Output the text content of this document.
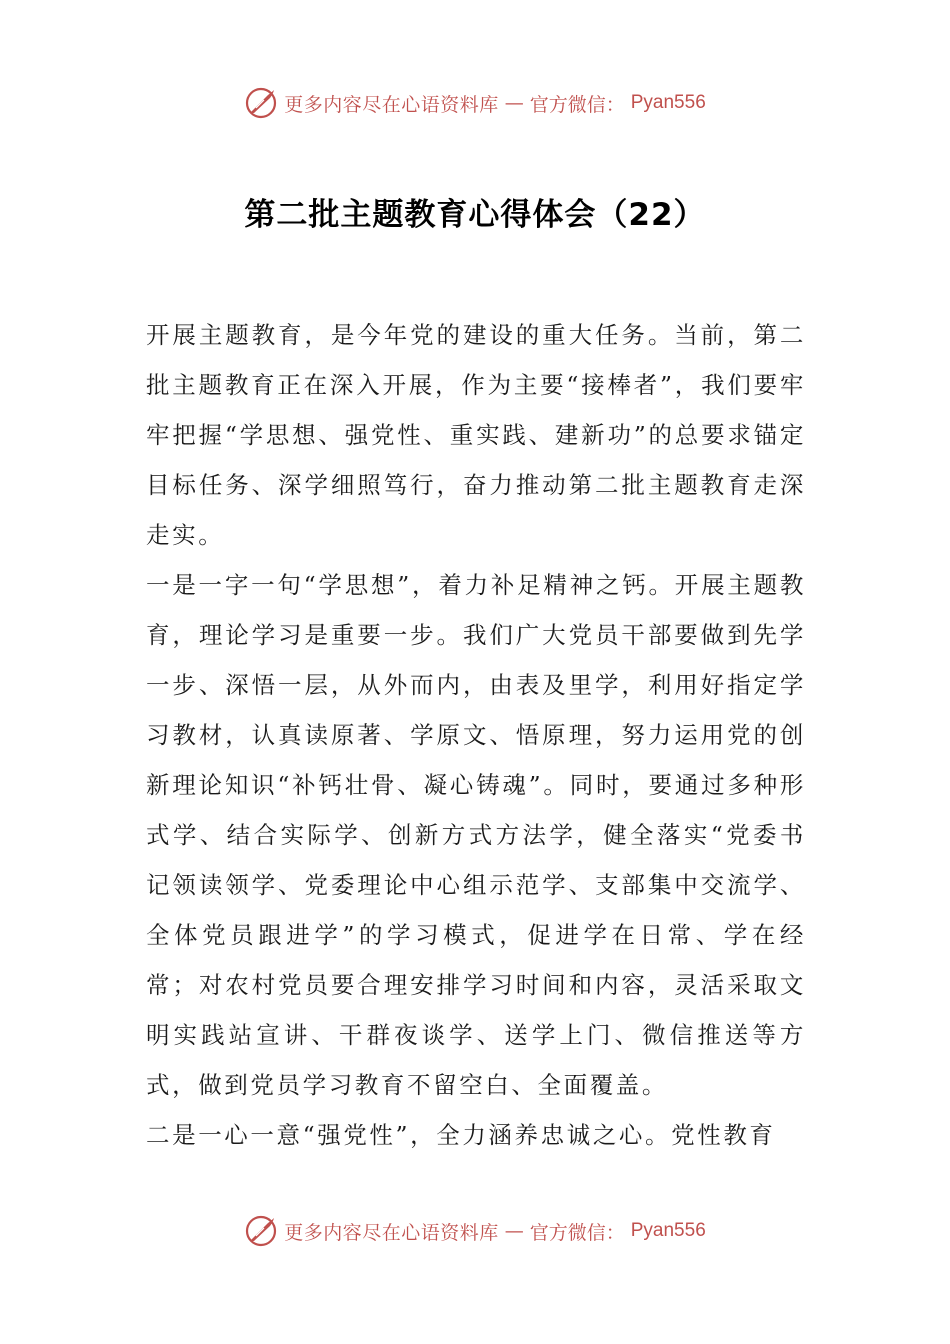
更多内容尽在心语资料库 — 官方微信： Pyan556
第二批主题教育心得体会（22）

开展主题教育，是今年党的建设的重大任务。当前，第二批主题教育正在深入开展，作为主要“接棒者”，我们要牢牢把握“学思想、强党性、重实践、建新功”的总要求锚定目标任务、深学细照笃行，奋力推动第二批主题教育走深走实。

一是一字一句“学思想”，着力补足精神之钙。开展主题教育，理论学习是重要一步。我们广大党员干部要做到先学一步、深悟一层，从外而内，由表及里学，利用好指定学习教材，认真读原著、学原文、悟原理，努力运用党的创新理论知识“补钙壮骨、凝心铸魂”。同时，要通过多种形式学、结合实际学、创新方式方法学，健全落实“党委书记领读领学、党委理论中心组示范学、支部集中交流学、全体党员跟进学”的学习模式，促进学在日常、学在经常；对农村党员要合理安排学习时间和内容，灵活采取文明实践站宣讲、干群夜谈学、送学上门、微信推送等方式，做到党员学习教育不留空白、全面覆盖。

二是一心一意“强党性”，全力涵养忠诚之心。党性教育

更多内容尽在心语资料库 — 官方微信： Pyan556
